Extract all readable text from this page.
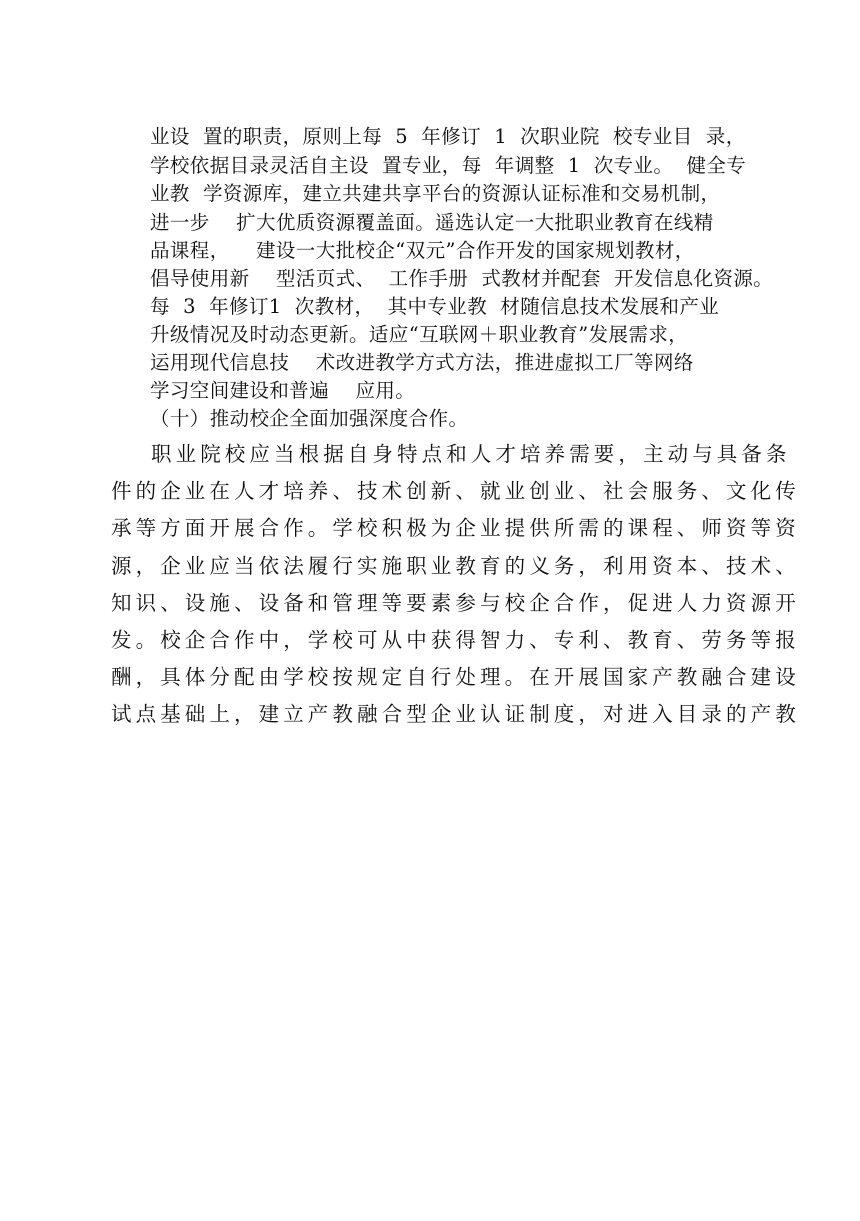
业设  置的职责，原则上每  5  年修订  1  次职业院  校专业目  录，

学校依据目录灵活自主设  置专业，每  年调整  1  次专业。  健全专

业教  学资源库，建立共建共享平台的资源认证标准和交易机制，

进一步    扩大优质资源覆盖面。遥选认定一大批职业教育在线精

品课程，    建设一大批校企“双元”合作开发的国家规划教材，

倡导使用新    型活页式、  工作手册  式教材并配套  开发信息化资源。

每  3  年修订1  次教材，  其中专业教  材随信息技术发展和产业

升级情况及时动态更新。适应“互联网＋职业教育”发展需求，

运用现代信息技    术改进教学方式方法，推进虚拟工厂等网络

学习空间建设和普遍    应用。

（十）推动校企全面加强深度合作。

职业院校应当根据自身特点和人才培养需要，主动与具备条

件的企业在人才培养、技术创新、就业创业、社会服务、文化传

承等方面开展合作。学校积极为企业提供所需的课程、师资等资

源，企业应当依法履行实施职业教育的义务，利用资本、技术、

知识、设施、设备和管理等要素参与校企合作，促进人力资源开

发。校企合作中，学校可从中获得智力、专利、教育、劳务等报

酬，具体分配由学校按规定自行处理。在开展国家产教融合建设

试点基础上，建立产教融合型企业认证制度，对进入目录的产教
